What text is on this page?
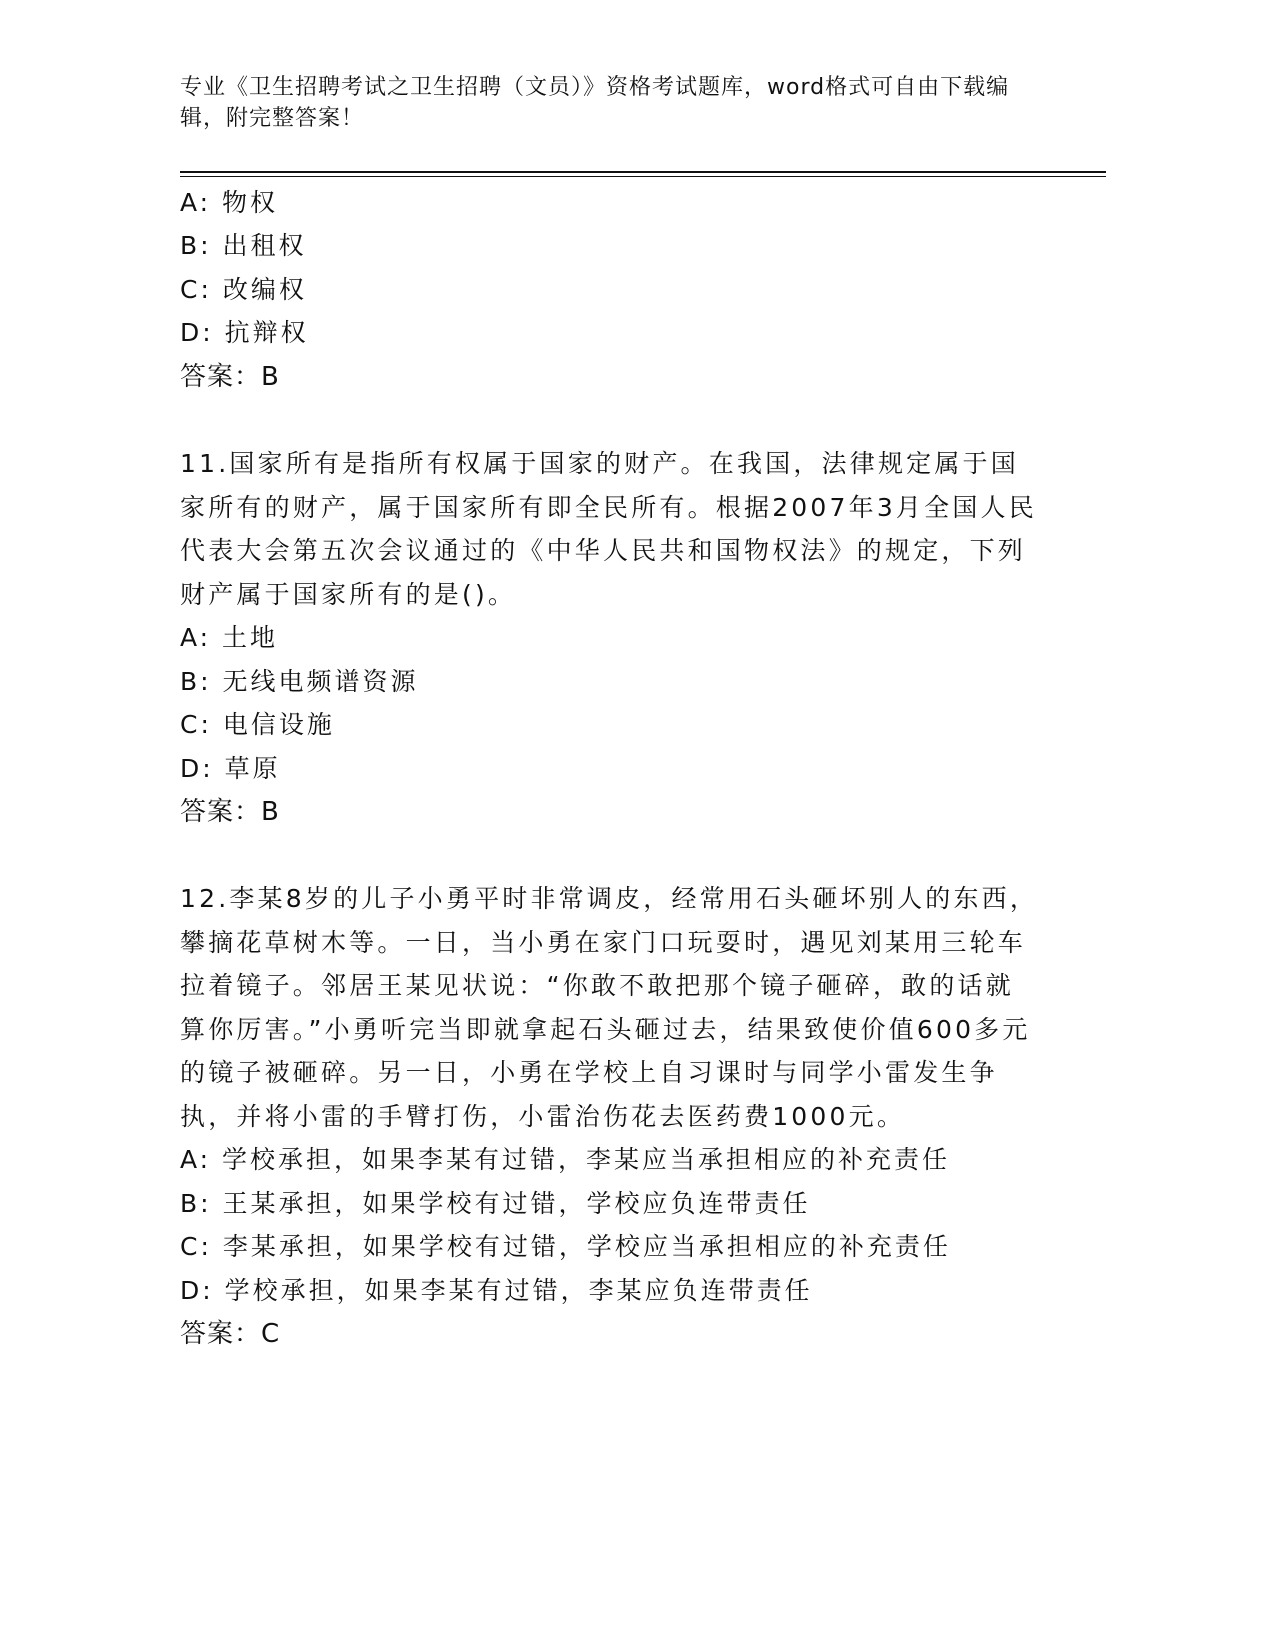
专业《卫生招聘考试之卫生招聘（文员）》资格考试题库，word格式可自由下载编辑，附完整答案！
A: 物权
B: 出租权
C: 改编权
D: 抗辩权
答案：B
11.国家所有是指所有权属于国家的财产。在我国，法律规定属于国家所有的财产，属于国家所有即全民所有。根据2007年3月全国人民代表大会第五次会议通过的《中华人民共和国物权法》的规定，下列财产属于国家所有的是()。
A: 土地
B: 无线电频谱资源
C: 电信设施
D: 草原
答案：B
12.李某8岁的儿子小勇平时非常调皮，经常用石头砸坏别人的东西，攀摘花草树木等。一日，当小勇在家门口玩耍时，遇见刘某用三轮车拉着镜子。邻居王某见状说：“你敢不敢把那个镜子砸碎，敢的话就算你厉害。”小勇听完当即就拿起石头砸过去，结果致使价值600多元的镜子被砸碎。另一日，小勇在学校上自习课时与同学小雷发生争执，并将小雷的手臂打伤，小雷治伤花去医药费1000元。
A: 学校承担，如果李某有过错，李某应当承担相应的补充责任
B: 王某承担，如果学校有过错，学校应负连带责任
C: 李某承担，如果学校有过错，学校应当承担相应的补充责任
D: 学校承担，如果李某有过错，李某应负连带责任
答案：C
